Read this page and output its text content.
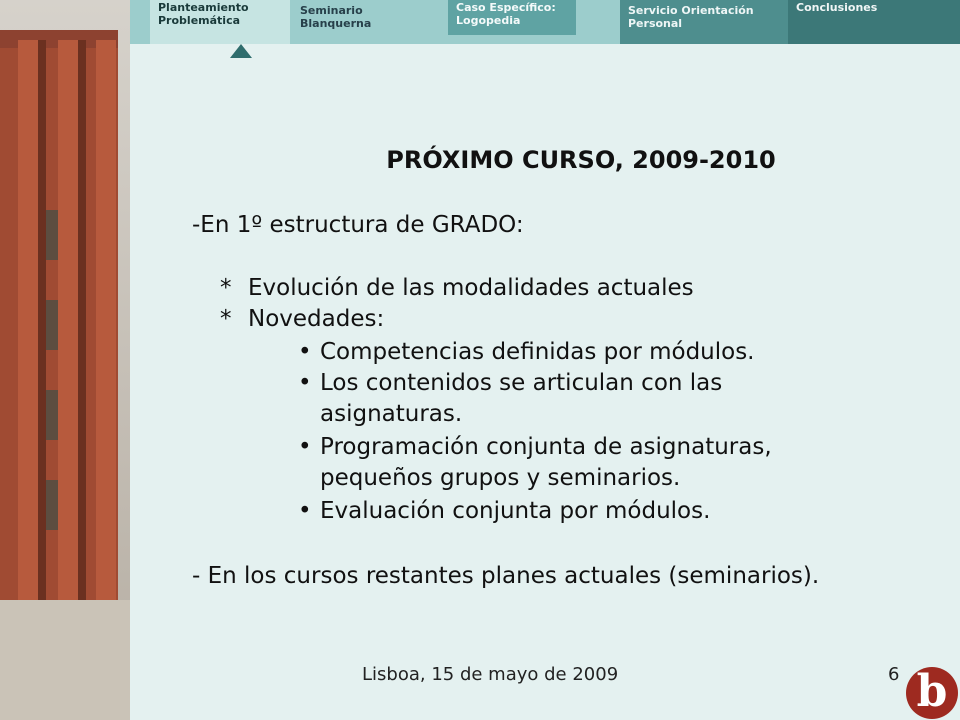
Planteamiento
Problemática
Seminario
Blanquerna
Caso Específico:
Logopedia
Servicio Orientación
Personal
Conclusiones
PRÓXIMO CURSO, 2009-2010
-En 1º estructura de GRADO:
* Evolución de las modalidades actuales
* Novedades:
• Competencias definidas por módulos.
• Los contenidos se articulan con las
asignaturas.
• Programación conjunta de asignaturas,
pequeños grupos y seminarios.
• Evaluación conjunta por módulos.
- En los cursos restantes planes actuales (seminarios).
Lisboa, 15 de mayo de 2009	6 b
